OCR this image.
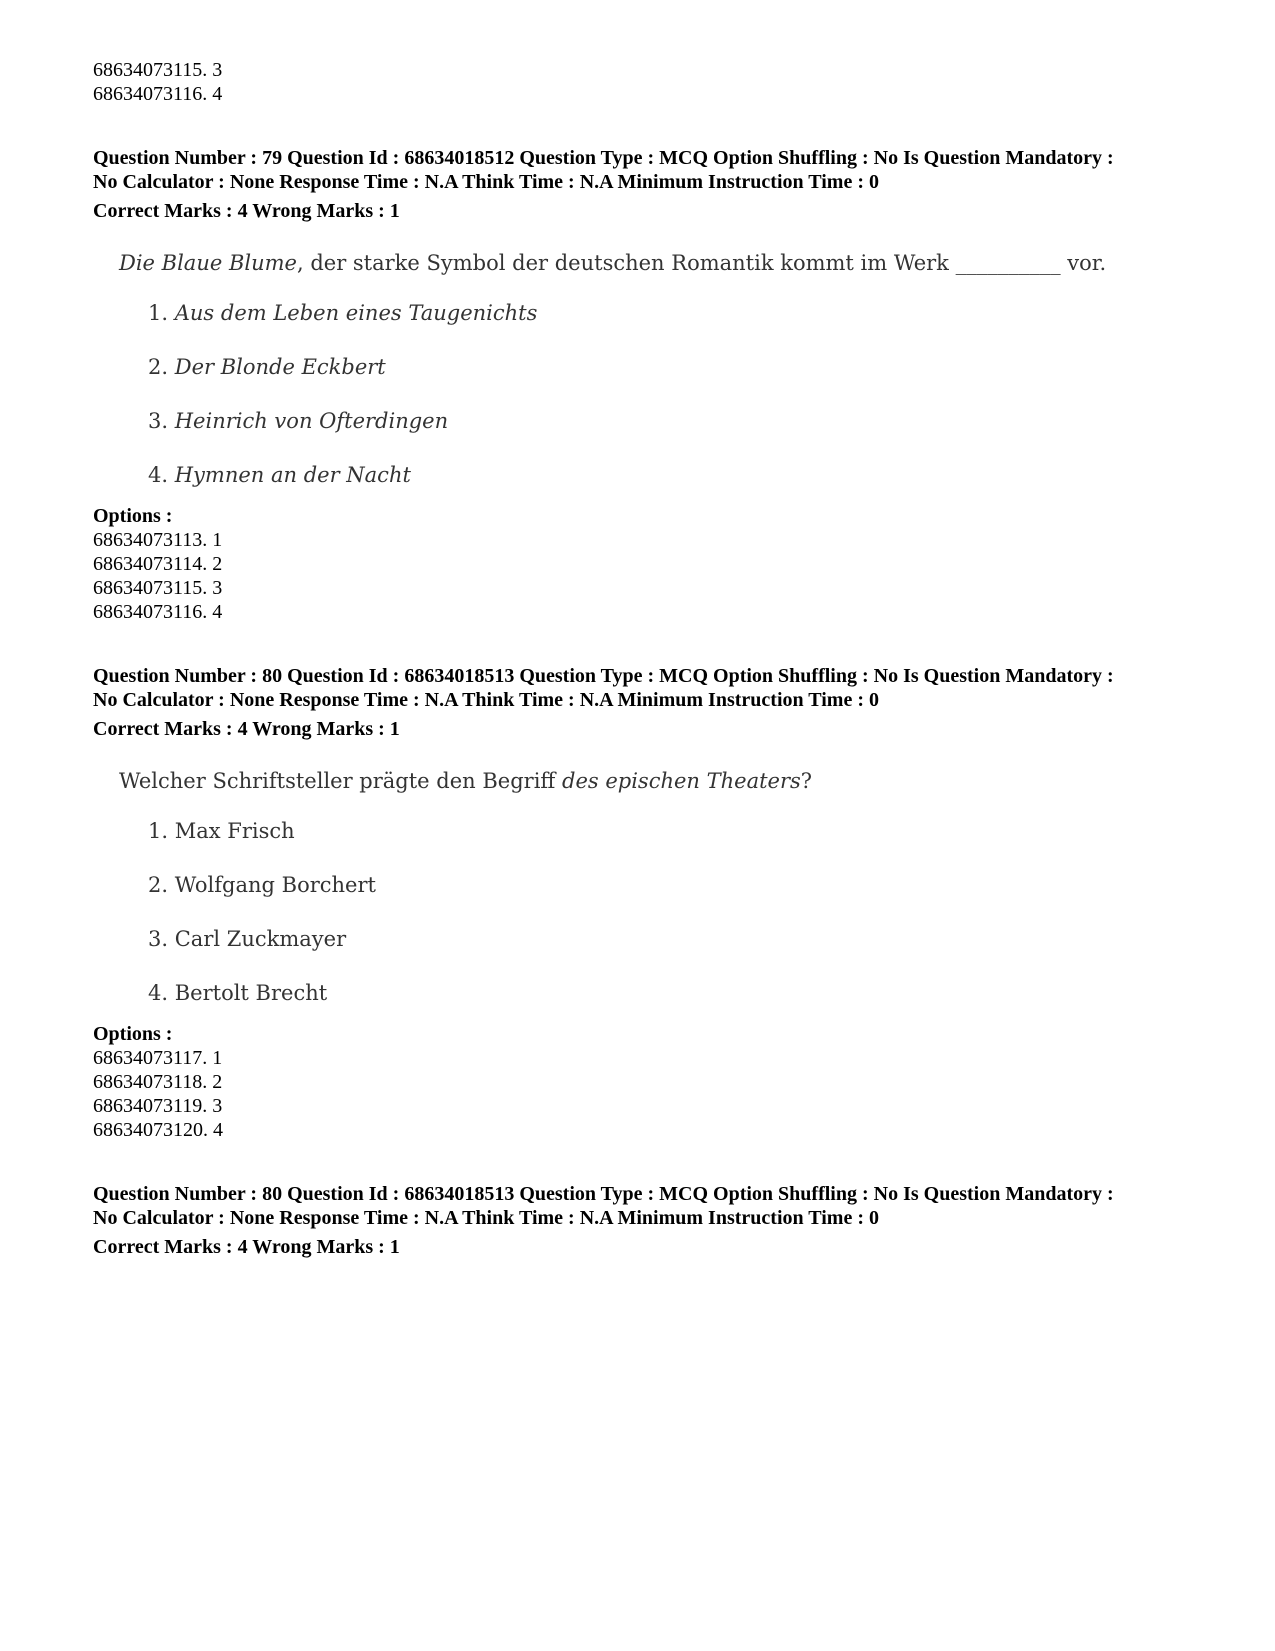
68634073115. 3

68634073116. 4

Question Number : 79 Question Id : 68634018512 Question Type : MCQ Option Shuffling : No Is Question Mandatory :

No Calculator : None Response Time : N.A Think Time : N.A Minimum Instruction Time : 0

Correct Marks : 4 Wrong Marks : 1

Die Blaue Blume, der starke Symbol der deutschen Romantik kommt im Werk __________ vor.
1. Aus dem Leben eines Taugenichts
2. Der Blonde Eckbert
3. Heinrich von Ofterdingen
4. Hymnen an der Nacht

Options :

68634073113. 1

68634073114. 2

68634073115. 3

68634073116. 4

Question Number : 80 Question Id : 68634018513 Question Type : MCQ Option Shuffling : No Is Question Mandatory :

No Calculator : None Response Time : N.A Think Time : N.A Minimum Instruction Time : 0

Correct Marks : 4 Wrong Marks : 1

Welcher Schriftsteller prägte den Begriff des epischen Theaters?
1. Max Frisch
2. Wolfgang Borchert
3. Carl Zuckmayer
4. Bertolt Brecht

Options :

68634073117. 1

68634073118. 2

68634073119. 3

68634073120. 4

Question Number : 80 Question Id : 68634018513 Question Type : MCQ Option Shuffling : No Is Question Mandatory :

No Calculator : None Response Time : N.A Think Time : N.A Minimum Instruction Time : 0

Correct Marks : 4 Wrong Marks : 1
